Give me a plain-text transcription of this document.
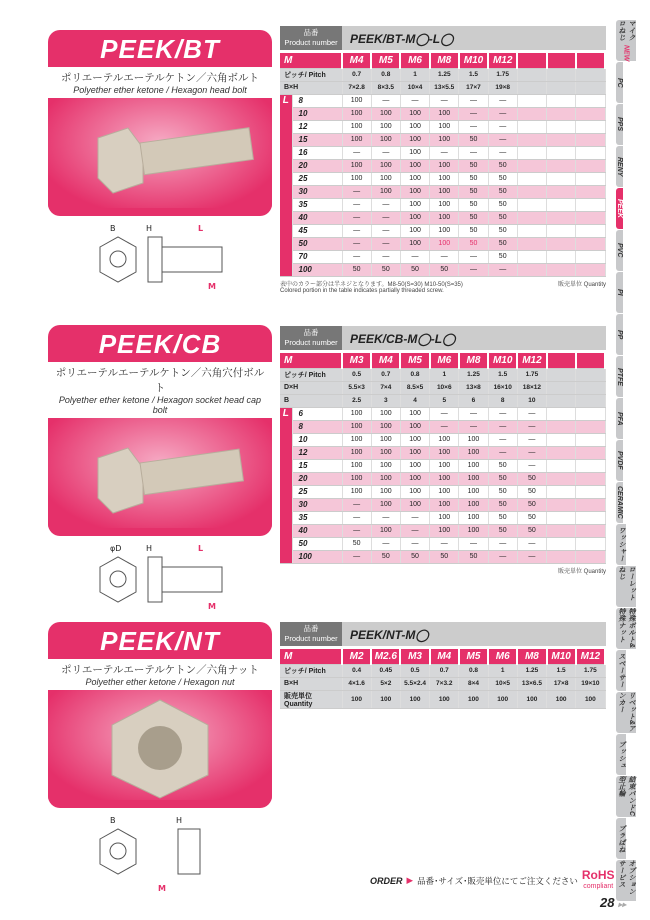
PEEK/BT
ポリエーテルエーテルケトン／六角ボルト
Polyether ether ketone / Hexagon head bolt
B	H	L
M
PEEK/CB
ポリエーテルエーテルケトン／六角穴付ボルト
Polyether ether ketone / Hexagon socket head cap bolt
φD	H	L
M
PEEK/NT
ポリエーテルエーテルケトン／六角ナット
Polyether ether ketone / Hexagon nut
B	H
M
品番
Product number	PEEK/BT-M◯-L◯
M		M4	M5	M6	M8	M10	M12			
ピッチ/ Pitch		0.7	0.8	1	1.25	1.5	1.75			
B×H		7×2.8	8×3.5	10×4	13×5.5	17×7	19×8			
L	8	100	—	—	—	—	—			
	10	100	100	100	100	—	—			
	12	100	100	100	100	—	—			
	15	100	100	100	100	50	—			
	16	—	—	100	—	—	—			
	20	100	100	100	100	50	50			
	25	100	100	100	100	50	50			
	30	—	100	100	100	50	50			
	35	—	—	100	100	50	50			
	40	—	—	100	100	50	50			
	45	—	—	100	100	50	50			
	50	—	—	100	100	50	50			
	70	—	—	—	—	—	50			
	100	50	50	50	50	—	—			
表中のカラー部分は半ネジとなります。M8-50(S=30) M10-50(S=35)
Colored portion in the table indicates partially threaded screw.
販売単位 Quantity
品番
Product number	PEEK/CB-M◯-L◯
M		M3	M4	M5	M6	M8	M10	M12		
ピッチ/ Pitch		0.5	0.7	0.8	1	1.25	1.5	1.75		
D×H		5.5×3	7×4	8.5×5	10×6	13×8	16×10	18×12		
B		2.5	3	4	5	6	8	10		
L	6	100	100	100	—	—	—	—		
	8	100	100	100	—	—	—	—		
	10	100	100	100	100	100	—	—		
	12	100	100	100	100	100	—	—		
	15	100	100	100	100	100	50	—		
	20	100	100	100	100	100	50	50		
	25	100	100	100	100	100	50	50		
	30	—	100	100	100	100	50	50		
	35	—	—	—	100	100	50	50		
	40	—	100	—	100	100	50	50		
	50	50	—	—	—	—	—	—		
	100	—	50	50	50	50	—	—		
販売単位 Quantity
品番
Product number	PEEK/NT-M◯
M	M2	M2.6	M3	M4	M5	M6	M8	M10	M12
ピッチ/ Pitch	0.4	0.45	0.5	0.7	0.8	1	1.25	1.5	1.75
B×H	4×1.6	5×2	5.5×2.4	7×3.2	8×4	10×5	13×6.5	17×8	19×10
販売単位 Quantity	100	100	100	100	100	100	100	100	100
マイクロねじ
NEW
PC
PPS
RENY
PEEK
PVC
PI
PP
PTFE
PFA
PVDF
CERAMIC
ワッシャー
ローレットねじ
特殊ボルト&特殊ナット
スペーサー
リベット&アンカー
ブッシュ
結束バンドC型止輪
プラばね
オプションサービス
ORDER ▶ 品番･サイズ･販売単位にてご注文ください RoHS
compliant
28 ▸▸
